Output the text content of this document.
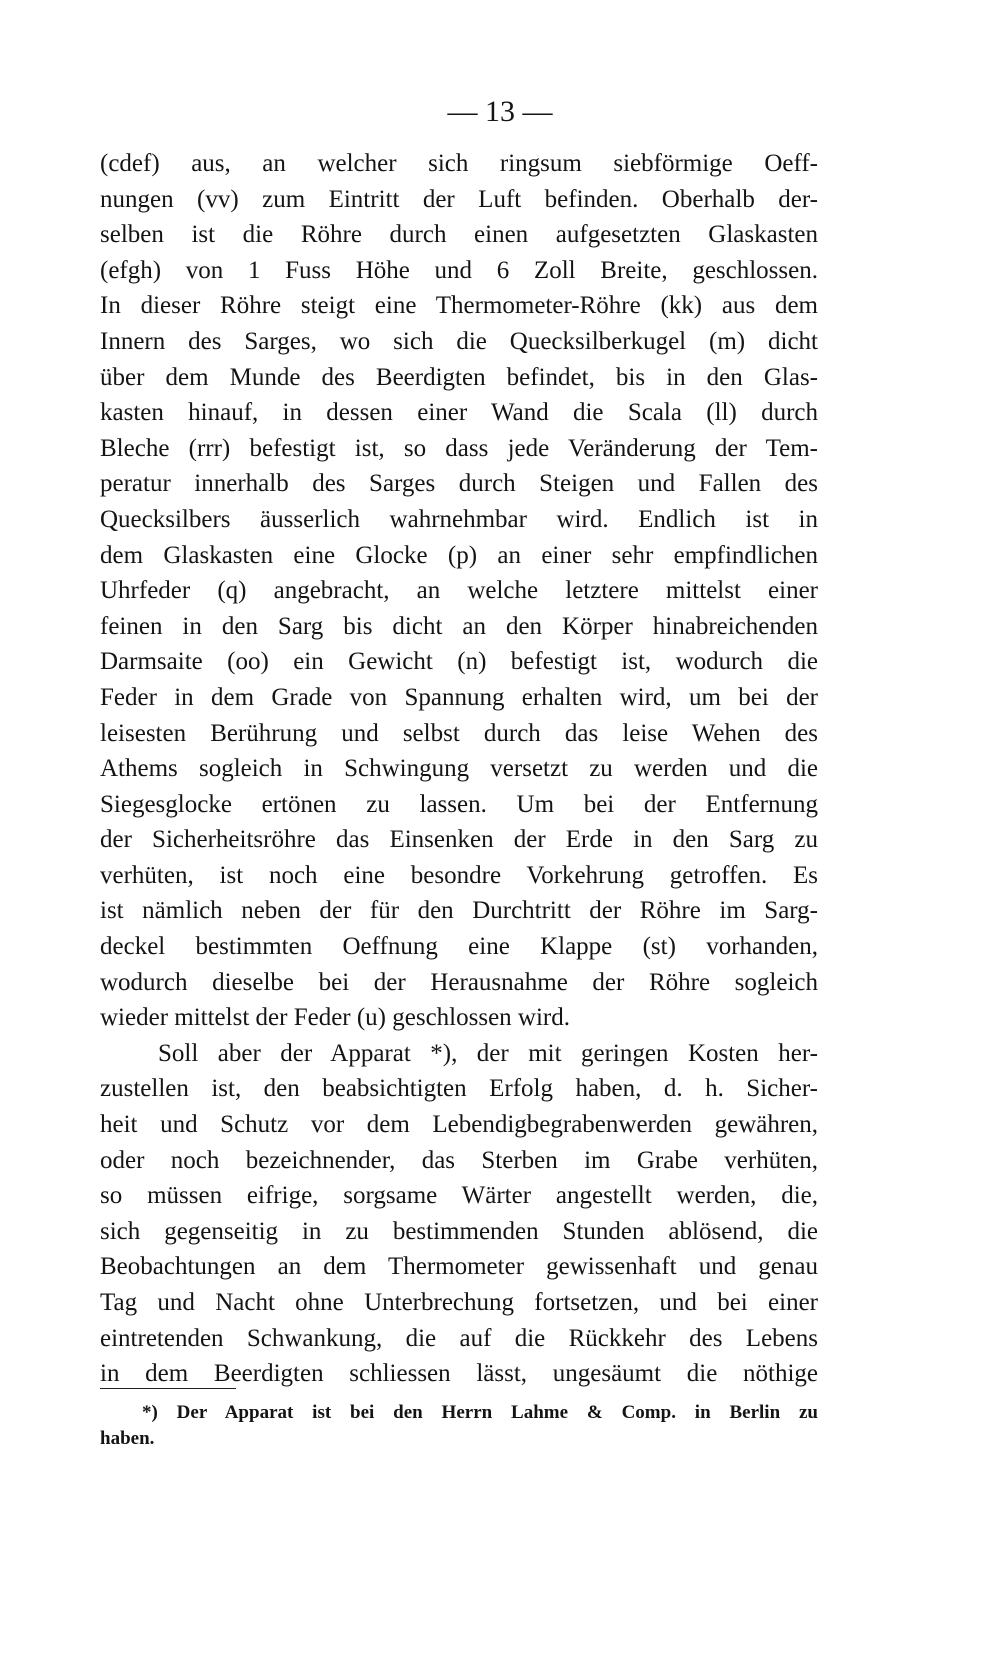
— 13 —
(cdef) aus, an welcher sich ringsum siebförmige Oeff-
nungen (vv) zum Eintritt der Luft befinden. Oberhalb der-
selben ist die Röhre durch einen aufgesetzten Glaskasten
(efgh) von 1 Fuss Höhe und 6 Zoll Breite, geschlossen.
In dieser Röhre steigt eine Thermometer-Röhre (kk) aus dem
Innern des Sarges, wo sich die Quecksilberkugel (m) dicht
über dem Munde des Beerdigten befindet, bis in den Glas-
kasten hinauf, in dessen einer Wand die Scala (ll) durch
Bleche (rrr) befestigt ist, so dass jede Veränderung der Tem-
peratur innerhalb des Sarges durch Steigen und Fallen des
Quecksilbers äusserlich wahrnehmbar wird. Endlich ist in
dem Glaskasten eine Glocke (p) an einer sehr empfindlichen
Uhrfeder (q) angebracht, an welche letztere mittelst einer
feinen in den Sarg bis dicht an den Körper hinabreichenden
Darmsaite (oo) ein Gewicht (n) befestigt ist, wodurch die
Feder in dem Grade von Spannung erhalten wird, um bei der
leisesten Berührung und selbst durch das leise Wehen des
Athems sogleich in Schwingung versetzt zu werden und die
Siegesglocke ertönen zu lassen. Um bei der Entfernung
der Sicherheitsröhre das Einsenken der Erde in den Sarg zu
verhüten, ist noch eine besondre Vorkehrung getroffen. Es
ist nämlich neben der für den Durchtritt der Röhre im Sarg-
deckel bestimmten Oeffnung eine Klappe (st) vorhanden,
wodurch dieselbe bei der Herausnahme der Röhre sogleich
wieder mittelst der Feder (u) geschlossen wird.
Soll aber der Apparat *), der mit geringen Kosten her-
zustellen ist, den beabsichtigten Erfolg haben, d. h. Sicher-
heit und Schutz vor dem Lebendigbegrabenwerden gewähren,
oder noch bezeichnender, das Sterben im Grabe verhüten,
so müssen eifrige, sorgsame Wärter angestellt werden, die,
sich gegenseitig in zu bestimmenden Stunden ablösend, die
Beobachtungen an dem Thermometer gewissenhaft und genau
Tag und Nacht ohne Unterbrechung fortsetzen, und bei einer
eintretenden Schwankung, die auf die Rückkehr des Lebens
in dem Beerdigten schliessen lässt, ungesäumt die nöthige
*) Der Apparat ist bei den Herrn Lahme & Comp. in Berlin zu
haben.
